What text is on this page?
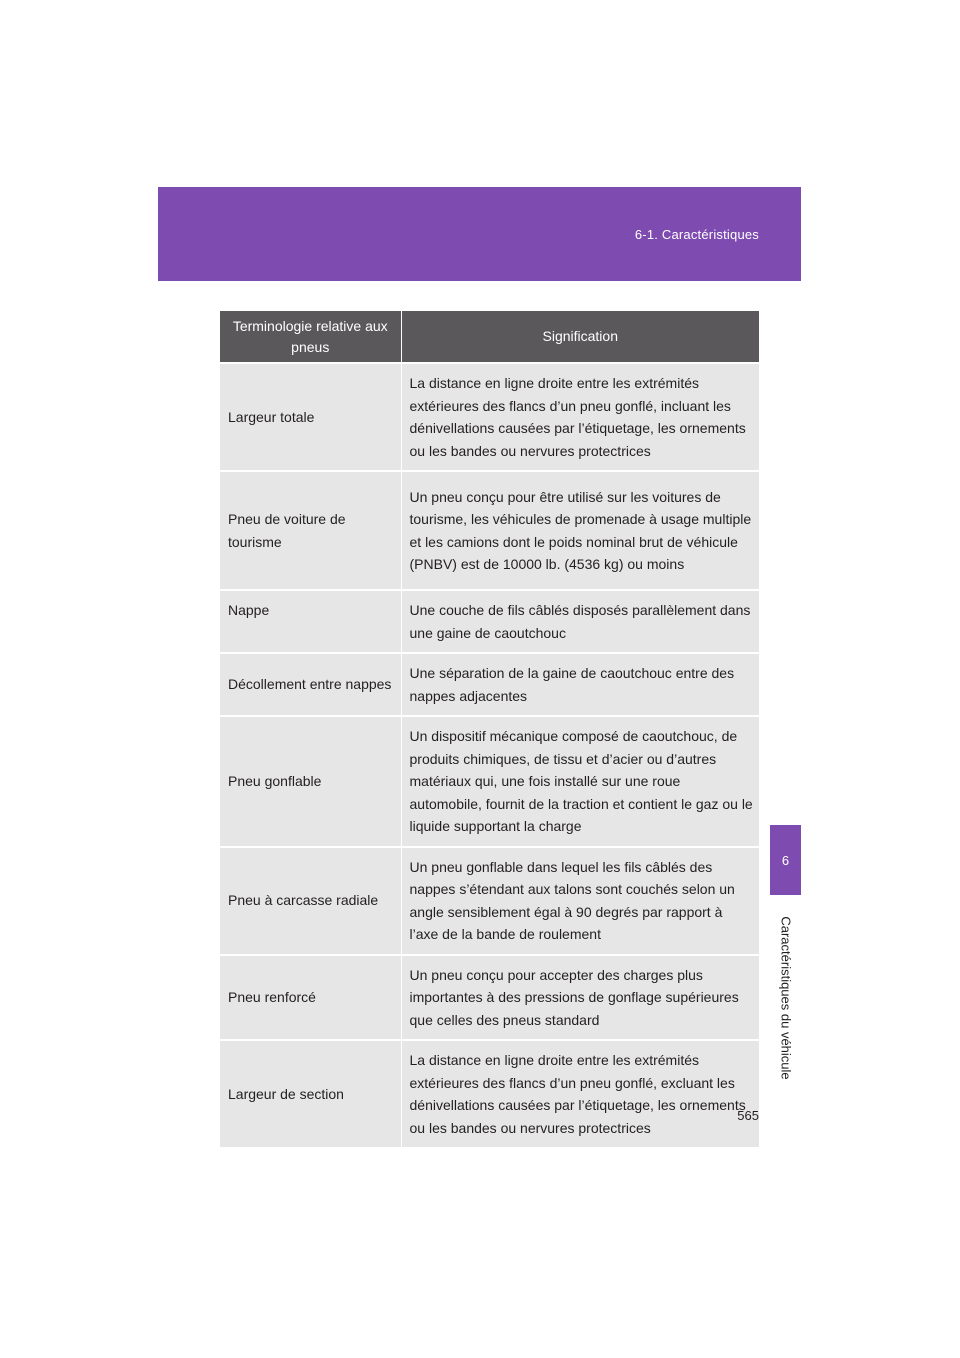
6-1. Caractéristiques
Terminologie relative aux pneus	Signification
Largeur totale	La distance en ligne droite entre les extrémités extérieures des flancs d’un pneu gonflé, incluant les dénivellations causées par l’étiquetage, les ornements ou les bandes ou nervures protectrices
Pneu de voiture de tourisme	Un pneu conçu pour être utilisé sur les voitures de tourisme, les véhicules de promenade à usage multiple et les camions dont le poids nominal brut de véhicule (PNBV) est de 10000 lb. (4536 kg) ou moins
Nappe	Une couche de fils câblés disposés parallèlement dans une gaine de caoutchouc
Décollement entre nappes	Une séparation de la gaine de caoutchouc entre des nappes adjacentes
Pneu gonflable	Un dispositif mécanique composé de caoutchouc, de produits chimiques, de tissu et d’acier ou d’autres matériaux qui, une fois installé sur une roue automobile, fournit de la traction et contient le gaz ou le liquide supportant la charge
Pneu à carcasse radiale	Un pneu gonflable dans lequel les fils câblés des nappes s’étendant aux talons sont couchés selon un angle sensiblement égal à 90 degrés par rapport à l’axe de la bande de roulement
Pneu renforcé	Un pneu conçu pour accepter des charges plus importantes à des pressions de gonflage supérieures que celles des pneus standard
Largeur de section	La distance en ligne droite entre les extrémités extérieures des flancs d’un pneu gonflé, excluant les dénivellations causées par l’étiquetage, les ornements ou les bandes ou nervures protectrices
6
Caractéristiques du véhicule
565
